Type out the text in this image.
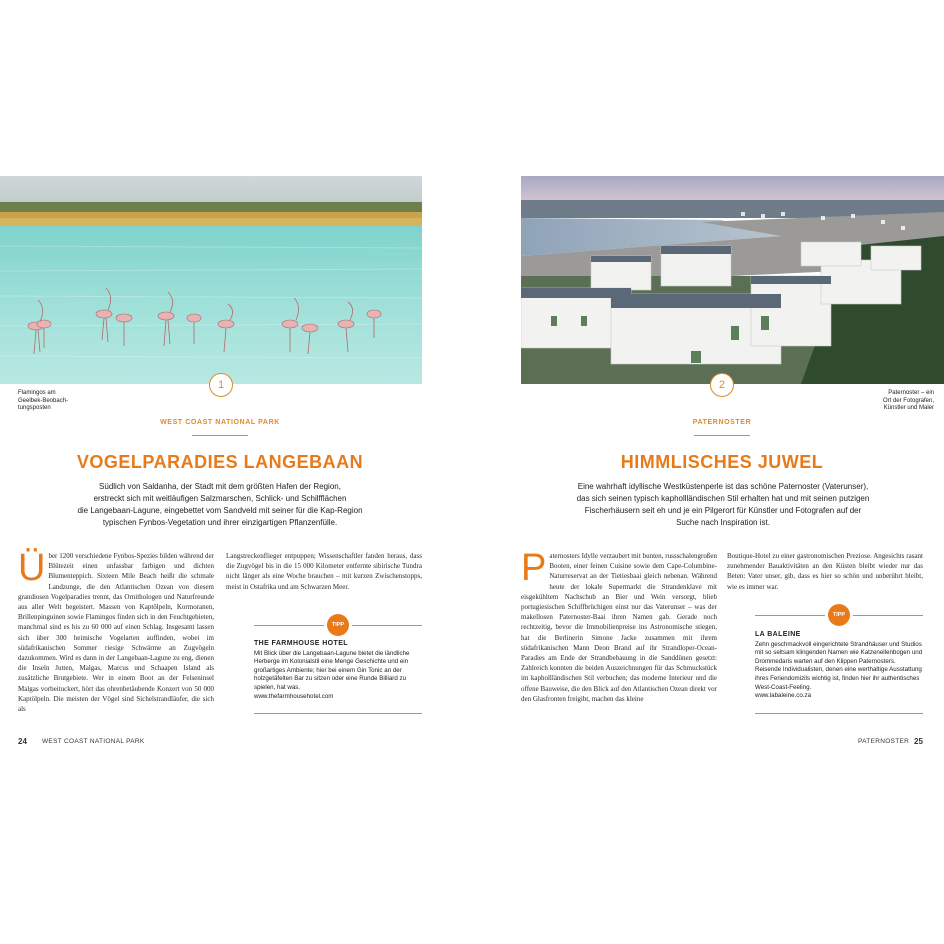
1
Flamingos am
Geelbek-Beobach-
tungsposten
WEST COAST NATIONAL PARK
VOGELPARADIES LANGEBAAN
Südlich von Saldanha, der Stadt mit dem größten Hafen der Region,
erstreckt sich mit weitläufigen Salzmarschen, Schlick- und Schilfflächen
die Langebaan-Lagune, eingebettet vom Sandveld mit seiner für die Kap-Region
typischen Fynbos-Vegetation und ihrer einzigartigen Pflanzenfülle.
Über 1200 verschiedene Fynbos-Spezies bilden während der Blütezeit einen unfassbar farbigen und dichten Blumenteppich. Sixteen Mile Beach heißt die schmale Landzunge, die den Atlantischen Ozean von diesem grandiosen Vogelparadies trennt, das Ornithologen und Naturfreunde aus aller Welt begeistert. Massen von Kaptölpeln, Kormoranen, Brillenpinguinen sowie Flamingos finden sich in den Feuchtgebieten, manchmal sind es bis zu 60 000 auf einen Schlag. Insgesamt lassen sich über 300 heimische Vogelarten auffinden, wobei im südafrikanischen Sommer riesige Schwärme an Zugvögeln dazukommen. Wird es dann in der Langebaan-Lagune zu eng, dienen die Inseln Jutten, Malgas, Marcus und Schaapen Island als zusätzliche Brutgebiete. Wer in einem Boot an der Felseninsel Malgas vorbeituckert, hört das ohrenbetäubende Konzert von 50 000 Kaptölpeln. Die meisten der Vögel sind Sichelstrandläufer, die sich als
Langstreckenflieger entpuppen; Wissenschaftler fanden heraus, dass die Zugvögel bis in die 15 000 Kilometer entfernte sibirische Tundra nicht länger als eine Woche brauchen – mit kurzen Zwischenstopps, meist in Ostafrika und am Schwarzen Meer.
TIPP
THE FARMHOUSE HOTEL
Mit Blick über die Langebaan-Lagune bietet die ländliche Herberge im Kolonialstil eine Menge Geschichte und ein großartiges Ambiente; hier bei einem Gin Tonic an der holzgetäfelten Bar zu sitzen oder eine Runde Billiard zu spielen, hat was.
www.thefarmhousehotel.com
24 WEST COAST NATIONAL PARK
2
Paternoster – ein
Ort der Fotografen,
Künstler und Maler
PATERNOSTER
HIMMLISCHES JUWEL
Eine wahrhaft idyllische Westküstenperle ist das schöne Paternoster (Vaterunser),
das sich seinen typisch kaphollländischen Stil erhalten hat und mit seinen putzigen
Fischerhäusern seit eh und je ein Pilgerort für Künstler und Fotografen auf der
Suche nach Inspiration ist.
Paternosters Idylle verzaubert mit bunten, russschalengroßen Booten, einer feinen Cuisine sowie dem Cape-Columbine-Naturreservat an der Tietiesbaai gleich nebenan. Während heute der lokale Supermarkt die Strandenklave mit eisgekühltem Nachschub an Bier und Wein versorgt, blieb portugiesischen Schiffbrüchigen einst nur das Vaterunser – was der makellosen Paternoster-Baai ihren Namen gab. Gerade noch rechtzeitig, bevor die Immobilienpreise ins Astronomische stiegen, hat die Berlinerin Simone Jacke zusammen mit ihrem südafrikanischen Mann Deon Brand auf ihr Strandloper-Ocean-Paradies am Ende der Strandbebauung in die Sanddünen gesetzt: Zahlreich konnten die beiden Auszeichnungen für das Schmuckstück im kaphollländischen Stil verbuchen; das moderne Interieur und die offene Bauweise, die den Blick auf den Atlantischen Ozean direkt vor den Glasfronten freigibt, machen das kleine
Boutique-Hotel zu einer gastronomischen Preziose. Angesichts rasant zunehmender Bauaktivitäten an den Küsten bleibt wieder nur das Beten: Vater unser, gib, dass es hier so schön und unberührt bleibt, wie es immer war.
TIPP
LA BALEINE
Zehn geschmackvoll eingerichtete Strandhäuser und Studios mit so seltsam klingenden Namen wie Katzenellenbogen und Drommedaris warten auf den Klippen Paternosters. Reisende Individualisten, denen eine werthaltige Ausstattung ihres Feriendomizils wichtig ist, finden hier ihr authentisches West-Coast-Feeling.
www.labaleine.co.za
PATERNOSTER 25
